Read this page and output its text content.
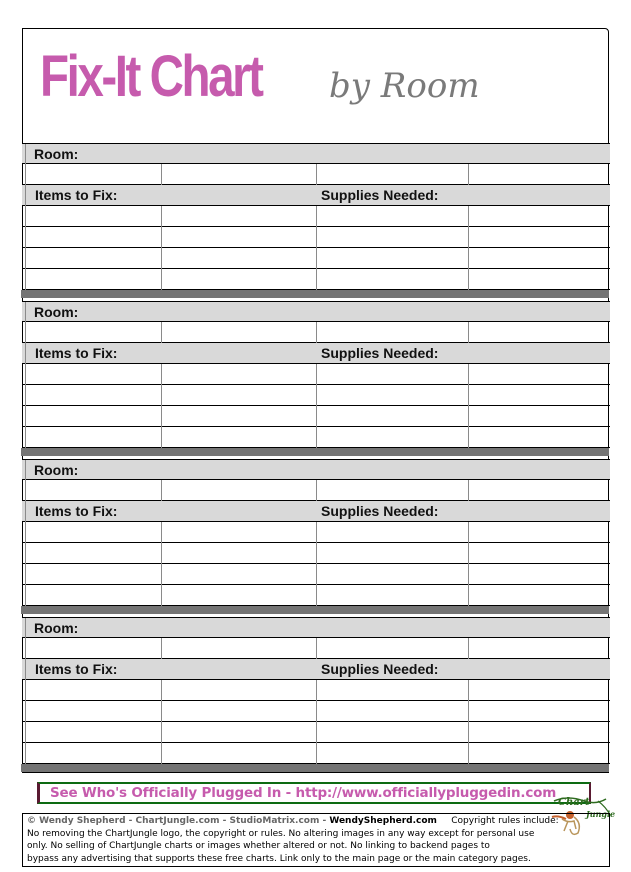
Fix-It Chart by Room
Room:
Items to Fix:	Supplies Needed:
Room:
Items to Fix:	Supplies Needed:
Room:
Items to Fix:	Supplies Needed:
Room:
Items to Fix:	Supplies Needed:
See Who's Officially Plugged In - http://www.officiallypluggedin.com
Chart
Jungle
© Wendy Shepherd - ChartJungle.com - StudioMatrix.com - WendyShepherd.com Copyright rules include:
No removing the ChartJungle logo, the copyright or rules. No altering images in any way except for personal use
only. No selling of ChartJungle charts or images whether altered or not. No linking to backend pages to
bypass any advertising that supports these free charts. Link only to the main page or the main category pages.
